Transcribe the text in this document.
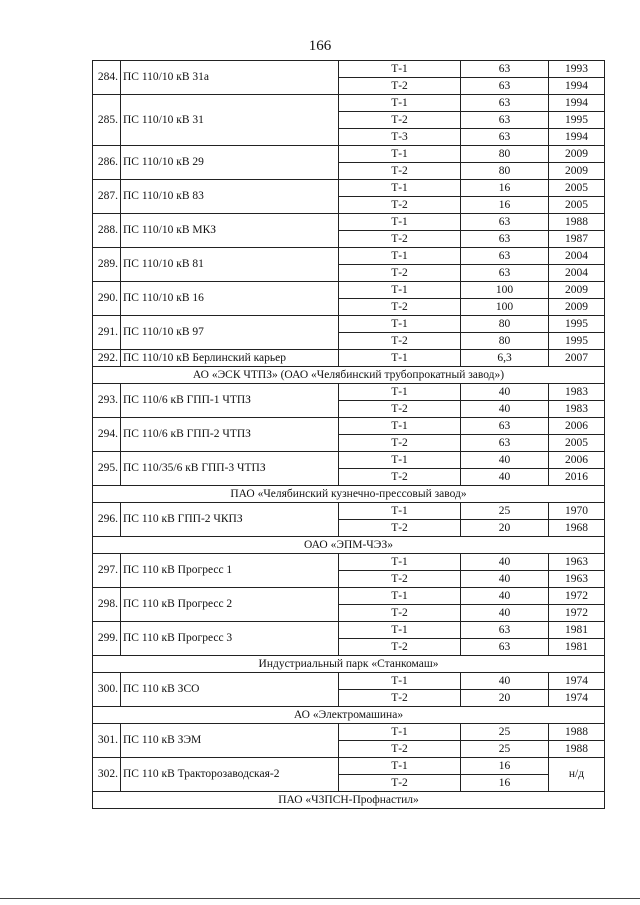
166
284.	ПС 110/10 кВ 31а	Т-1	63	1993
		Т-2	63	1994
285.	ПС 110/10 кВ 31	Т-1	63	1994
		Т-2	63	1995
		Т-3	63	1994
286.	ПС 110/10 кВ 29	Т-1	80	2009
		Т-2	80	2009
287.	ПС 110/10 кВ 83	Т-1	16	2005
		Т-2	16	2005
288.	ПС 110/10 кВ МКЗ	Т-1	63	1988
		Т-2	63	1987
289.	ПС 110/10 кВ 81	Т-1	63	2004
		Т-2	63	2004
290.	ПС 110/10 кВ 16	Т-1	100	2009
		Т-2	100	2009
291.	ПС 110/10 кВ 97	Т-1	80	1995
		Т-2	80	1995
292.	ПС 110/10 кВ Берлинский карьер	Т-1	6,3	2007
АО «ЭСК ЧТПЗ» (ОАО «Челябинский трубопрокатный завод»)				
293.	ПС 110/6 кВ ГПП-1 ЧТПЗ	Т-1	40	1983
		Т-2	40	1983
294.	ПС 110/6 кВ ГПП-2 ЧТПЗ	Т-1	63	2006
		Т-2	63	2005
295.	ПС 110/35/6 кВ ГПП-3 ЧТПЗ	Т-1	40	2006
		Т-2	40	2016
ПАО «Челябинский кузнечно-прессовый завод»				
296.	ПС 110 кВ ГПП-2 ЧКПЗ	Т-1	25	1970
		Т-2	20	1968
ОАО «ЭПМ-ЧЭЗ»				
297.	ПС 110 кВ Прогресс 1	Т-1	40	1963
		Т-2	40	1963
298.	ПС 110 кВ Прогресс 2	Т-1	40	1972
		Т-2	40	1972
299.	ПС 110 кВ Прогресс 3	Т-1	63	1981
		Т-2	63	1981
Индустриальный парк «Станкомаш»				
300.	ПС 110 кВ ЗСО	Т-1	40	1974
		Т-2	20	1974
АО «Электромашина»				
301.	ПС 110 кВ ЗЭМ	Т-1	25	1988
		Т-2	25	1988
302.	ПС 110 кВ Тракторозаводская-2	Т-1	16	н/д
		Т-2	16	
ПАО «ЧЗПСН-Профнастил»				
